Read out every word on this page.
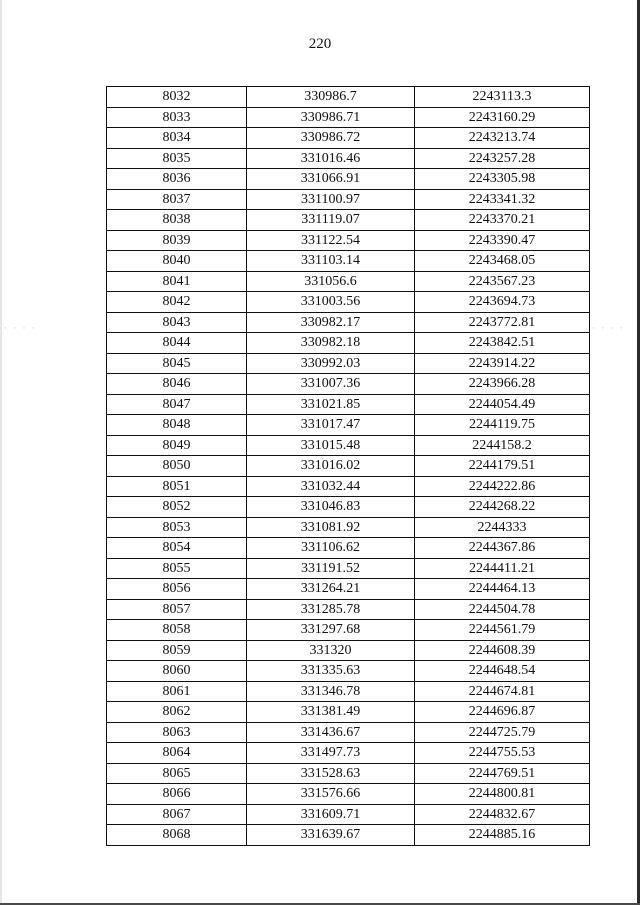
· · · ·	· · · ·
220
8032	330986.7	2243113.3
8033	330986.71	2243160.29
8034	330986.72	2243213.74
8035	331016.46	2243257.28
8036	331066.91	2243305.98
8037	331100.97	2243341.32
8038	331119.07	2243370.21
8039	331122.54	2243390.47
8040	331103.14	2243468.05
8041	331056.6	2243567.23
8042	331003.56	2243694.73
8043	330982.17	2243772.81
8044	330982.18	2243842.51
8045	330992.03	2243914.22
8046	331007.36	2243966.28
8047	331021.85	2244054.49
8048	331017.47	2244119.75
8049	331015.48	2244158.2
8050	331016.02	2244179.51
8051	331032.44	2244222.86
8052	331046.83	2244268.22
8053	331081.92	2244333
8054	331106.62	2244367.86
8055	331191.52	2244411.21
8056	331264.21	2244464.13
8057	331285.78	2244504.78
8058	331297.68	2244561.79
8059	331320	2244608.39
8060	331335.63	2244648.54
8061	331346.78	2244674.81
8062	331381.49	2244696.87
8063	331436.67	2244725.79
8064	331497.73	2244755.53
8065	331528.63	2244769.51
8066	331576.66	2244800.81
8067	331609.71	2244832.67
8068	331639.67	2244885.16
